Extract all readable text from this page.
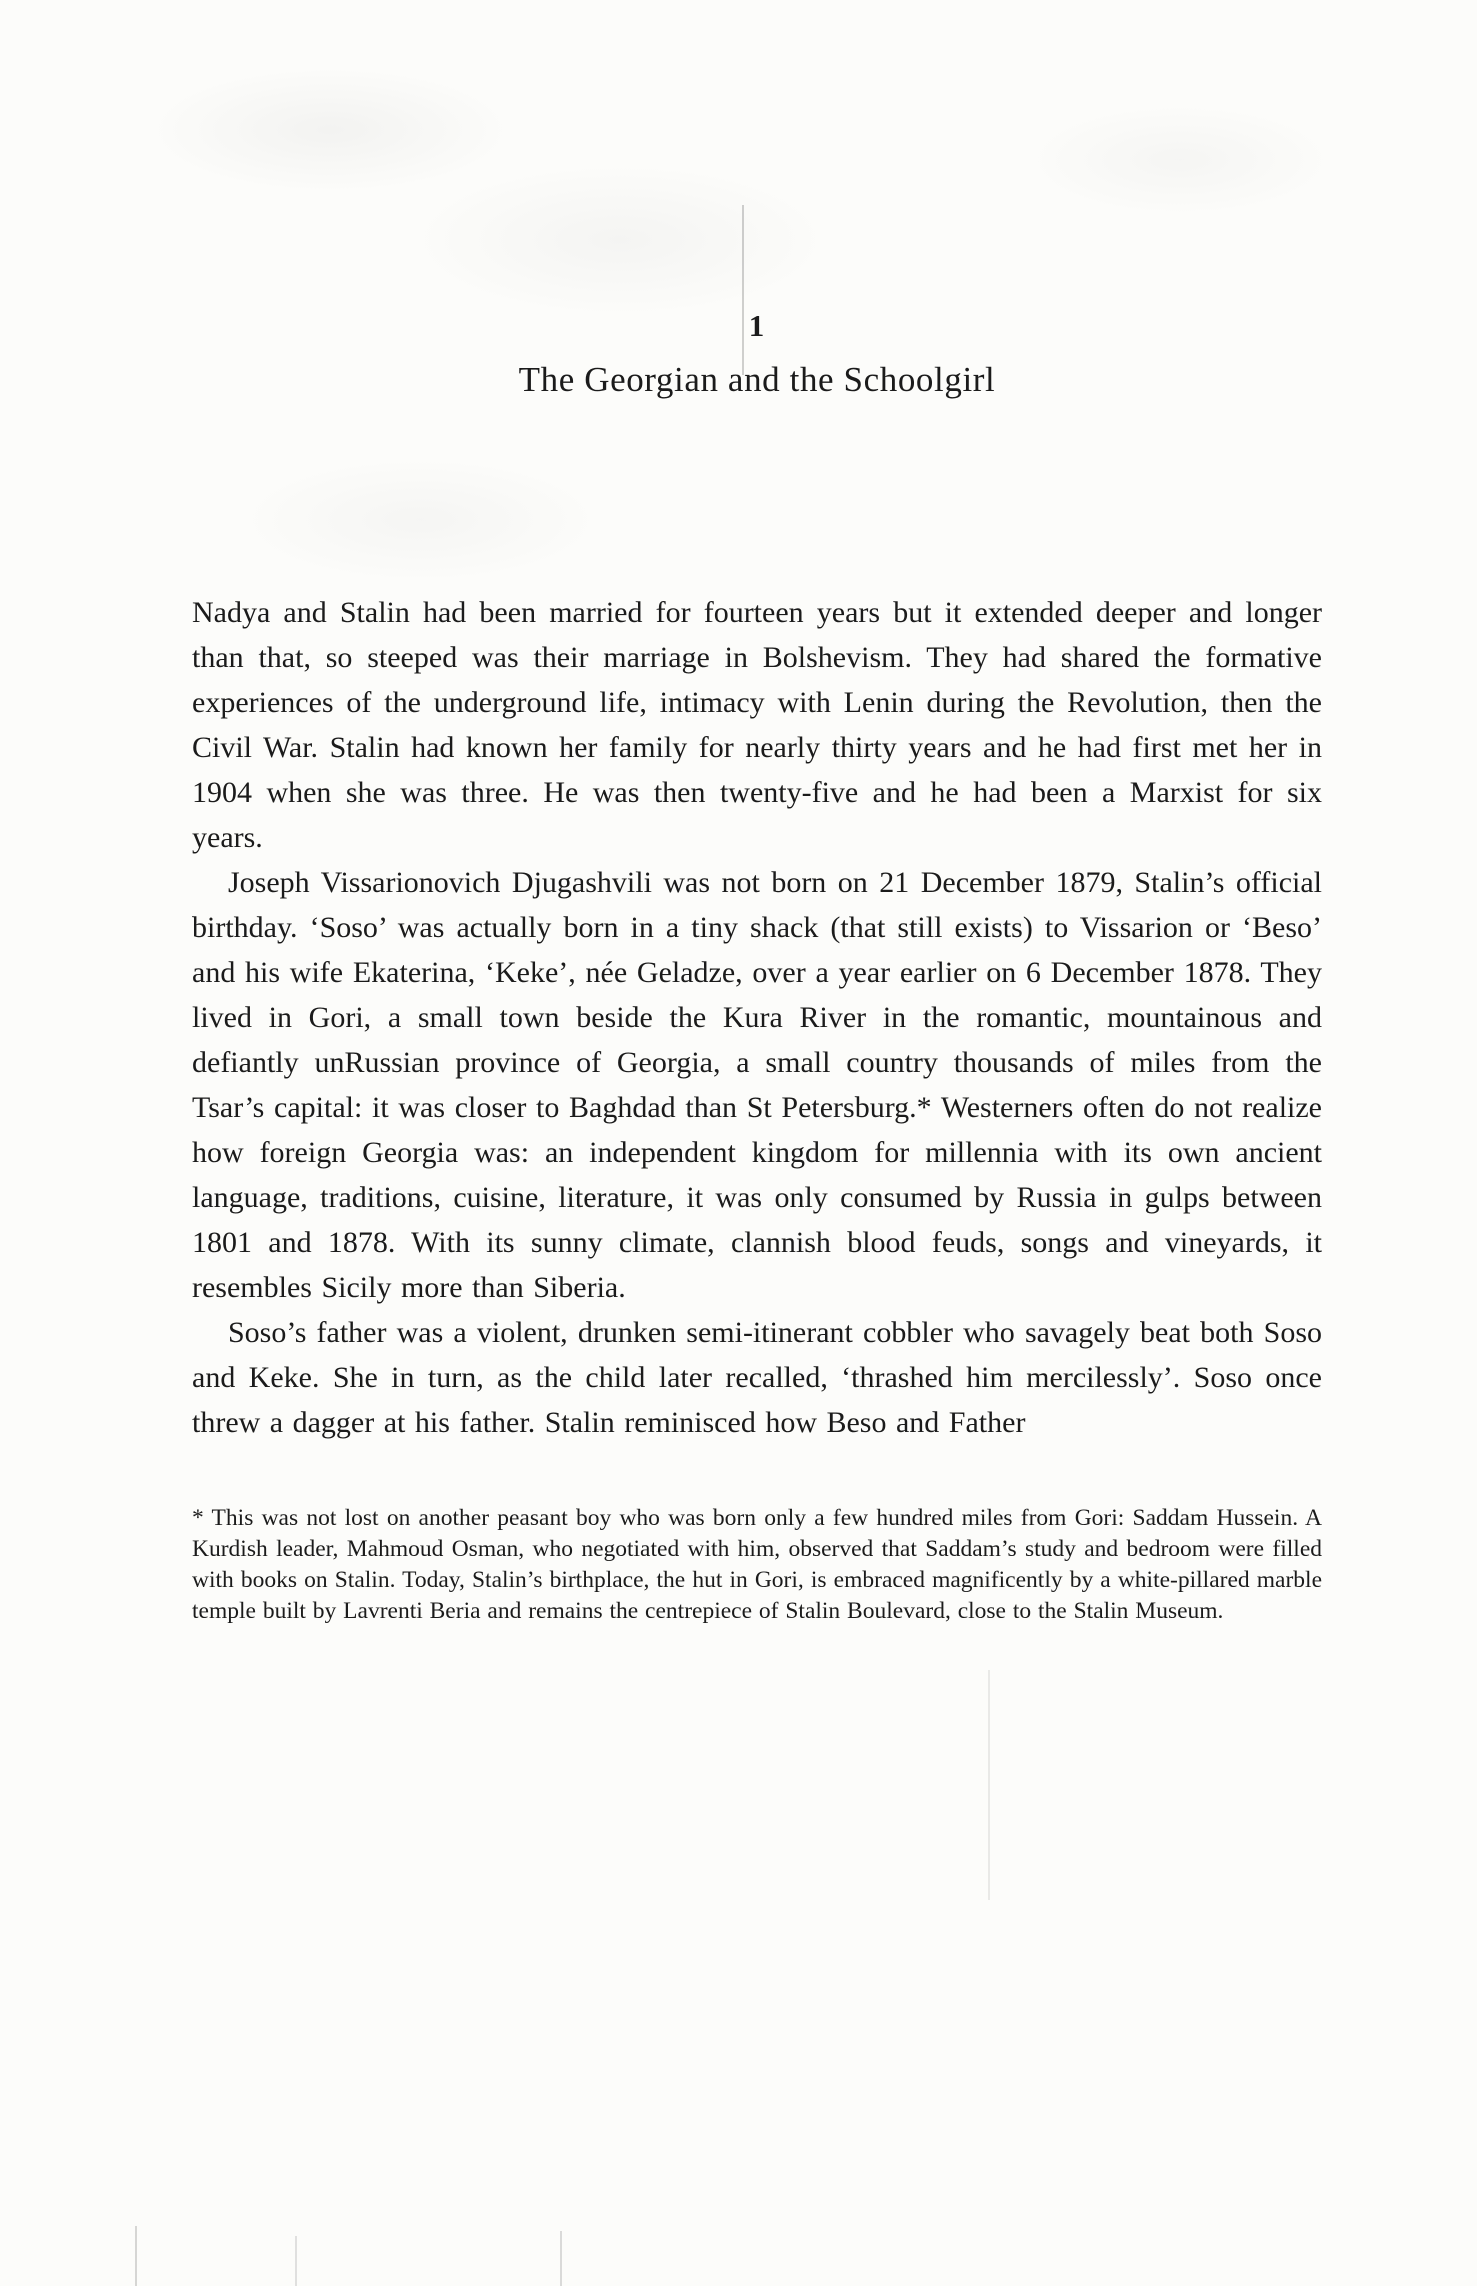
1
The Georgian and the Schoolgirl

Nadya and Stalin had been married for fourteen years but it extended deeper and longer than that, so steeped was their marriage in Bolshevism. They had shared the formative experiences of the underground life, intimacy with Lenin during the Revolution, then the Civil War. Stalin had known her family for nearly thirty years and he had first met her in 1904 when she was three. He was then twenty-five and he had been a Marxist for six years.

Joseph Vissarionovich Djugashvili was not born on 21 December 1879, Stalin’s official birthday. ‘Soso’ was actually born in a tiny shack (that still exists) to Vissarion or ‘Beso’ and his wife Ekaterina, ‘Keke’, née Geladze, over a year earlier on 6 December 1878. They lived in Gori, a small town beside the Kura River in the romantic, mountainous and defiantly unRussian province of Georgia, a small country thousands of miles from the Tsar’s capital: it was closer to Baghdad than St Petersburg.* Westerners often do not realize how foreign Georgia was: an independent kingdom for millennia with its own ancient language, traditions, cuisine, literature, it was only consumed by Russia in gulps between 1801 and 1878. With its sunny climate, clannish blood feuds, songs and vineyards, it resembles Sicily more than Siberia.

Soso’s father was a violent, drunken semi-itinerant cobbler who savagely beat both Soso and Keke. She in turn, as the child later recalled, ‘thrashed him mercilessly’. Soso once threw a dagger at his father. Stalin reminisced how Beso and Father

* This was not lost on another peasant boy who was born only a few hundred miles from Gori: Saddam Hussein. A Kurdish leader, Mahmoud Osman, who negotiated with him, observed that Saddam’s study and bedroom were filled with books on Stalin. Today, Stalin’s birthplace, the hut in Gori, is embraced magnificently by a white-pillared marble temple built by Lavrenti Beria and remains the centrepiece of Stalin Boulevard, close to the Stalin Museum.
